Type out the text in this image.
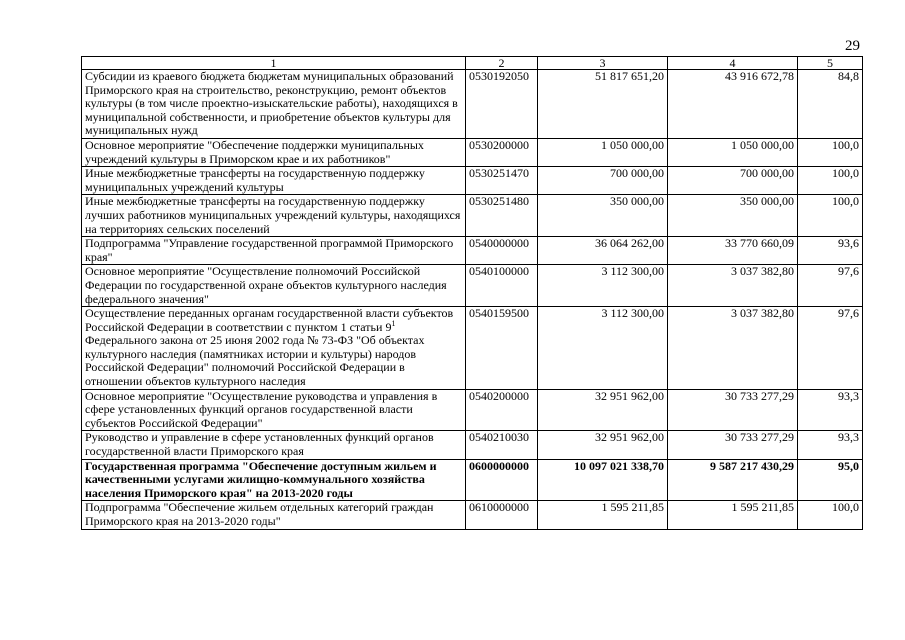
29
1	2	3	4	5
Субсидии из краевого бюджета бюджетам муниципальных образований Приморского края на строительство, реконструкцию, ремонт объектов культуры (в том числе проектно-изыскательские работы), находящихся в муниципальной собственности, и приобретение объектов культуры для муниципальных нужд	0530192050	51 817 651,20	43 916 672,78	84,8
Основное мероприятие "Обеспечение поддержки муниципальных учреждений культуры в Приморском крае и их работников"	0530200000	1 050 000,00	1 050 000,00	100,0
Иные межбюджетные трансферты на государственную поддержку муниципальных учреждений культуры	0530251470	700 000,00	700 000,00	100,0
Иные межбюджетные трансферты на государственную поддержку лучших работников муниципальных учреждений культуры, находящихся на территориях сельских поселений	0530251480	350 000,00	350 000,00	100,0
Подпрограмма "Управление государственной программой Приморского края"	0540000000	36 064 262,00	33 770 660,09	93,6
Основное мероприятие "Осуществление полномочий Российской Федерации по государственной охране объектов культурного наследия федерального значения"	0540100000	3 112 300,00	3 037 382,80	97,6
Осуществление переданных органам государственной власти субъектов Российской Федерации в соответствии с пунктом 1 статьи $9^1$ Федерального закона от 25 июня 2002 года № 73-ФЗ "Об объектах культурного наследия (памятниках истории и культуры) народов Российской Федерации" полномочий Российской Федерации в отношении объектов культурного наследия	0540159500	3 112 300,00	3 037 382,80	97,6
Основное мероприятие "Осуществление руководства и управления в сфере установленных функций органов государственной власти субъектов Российской Федерации"	0540200000	32 951 962,00	30 733 277,29	93,3
Руководство и управление в сфере установленных функций органов государственной власти Приморского края	0540210030	32 951 962,00	30 733 277,29	93,3
Государственная программа "Обеспечение доступным жильем и качественными услугами жилищно-коммунального хозяйства населения Приморского края" на 2013-2020 годы	0600000000	10 097 021 338,70	9 587 217 430,29	95,0
Подпрограмма "Обеспечение жильем отдельных категорий граждан Приморского края на 2013-2020 годы"	0610000000	1 595 211,85	1 595 211,85	100,0
